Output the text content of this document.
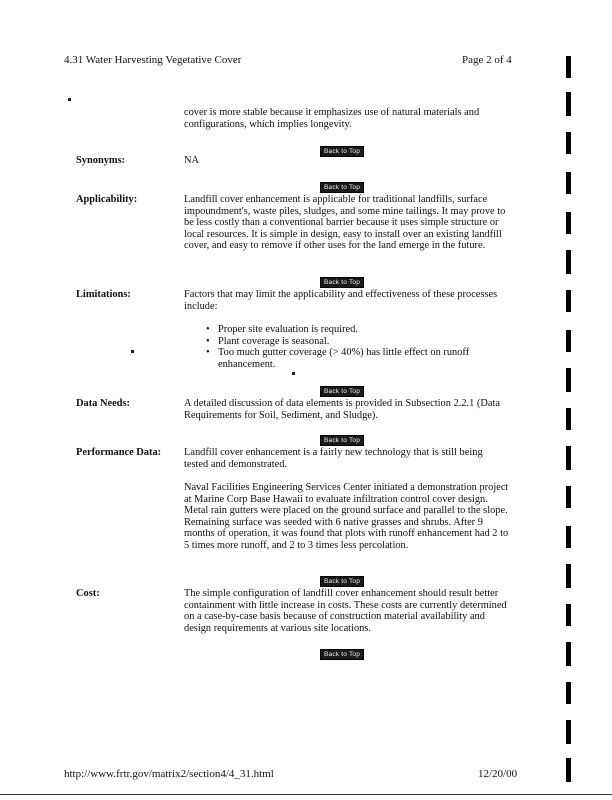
4.31 Water Harvesting Vegetative Cover	Page 2 of 4
cover is more stable because it emphasizes use of natural materials and configurations, which implies longevity.
Back to Top
Synonyms:	NA
Back to Top
Applicability:	Landfill cover enhancement is applicable for traditional landfills, surface impoundment's, waste piles, sludges, and some mine tailings. It may prove to be less costly than a conventional barrier because it uses simple structure or local resources. It is simple in design, easy to install over an existing landfill cover, and easy to remove if other uses for the land emerge in the future.
Back to Top
Limitations:	Factors that may limit the applicability and effectiveness of these processes include:
• Proper site evaluation is required.
• Plant coverage is seasonal.
• Too much gutter coverage (> 40%) has little effect on runoff enhancement.
Back to Top
Data Needs:	A detailed discussion of data elements is provided in Subsection 2.2.1 (Data Requirements for Soil, Sediment, and Sludge).
Back to Top
Performance Data: Landfill cover enhancement is a fairly new technology that is still being tested and demonstrated.
Naval Facilities Engineering Services Center initiated a demonstration project at Marine Corp Base Hawaii to evaluate infiltration control cover design. Metal rain gutters were placed on the ground surface and parallel to the slope. Remaining surface was seeded with 6 native grasses and shrubs. After 9 months of operation, it was found that plots with runoff enhancement had 2 to 5 times more runoff, and 2 to 3 times less percolation.
Back to Top
Cost:	The simple configuration of landfill cover enhancement should result better containment with little increase in costs. These costs are currently determined on a case-by-case basis because of construction material availability and design requirements at various site locations.
Back to Top
http://www.frtr.gov/matrix2/section4/4_31.html	12/20/00
